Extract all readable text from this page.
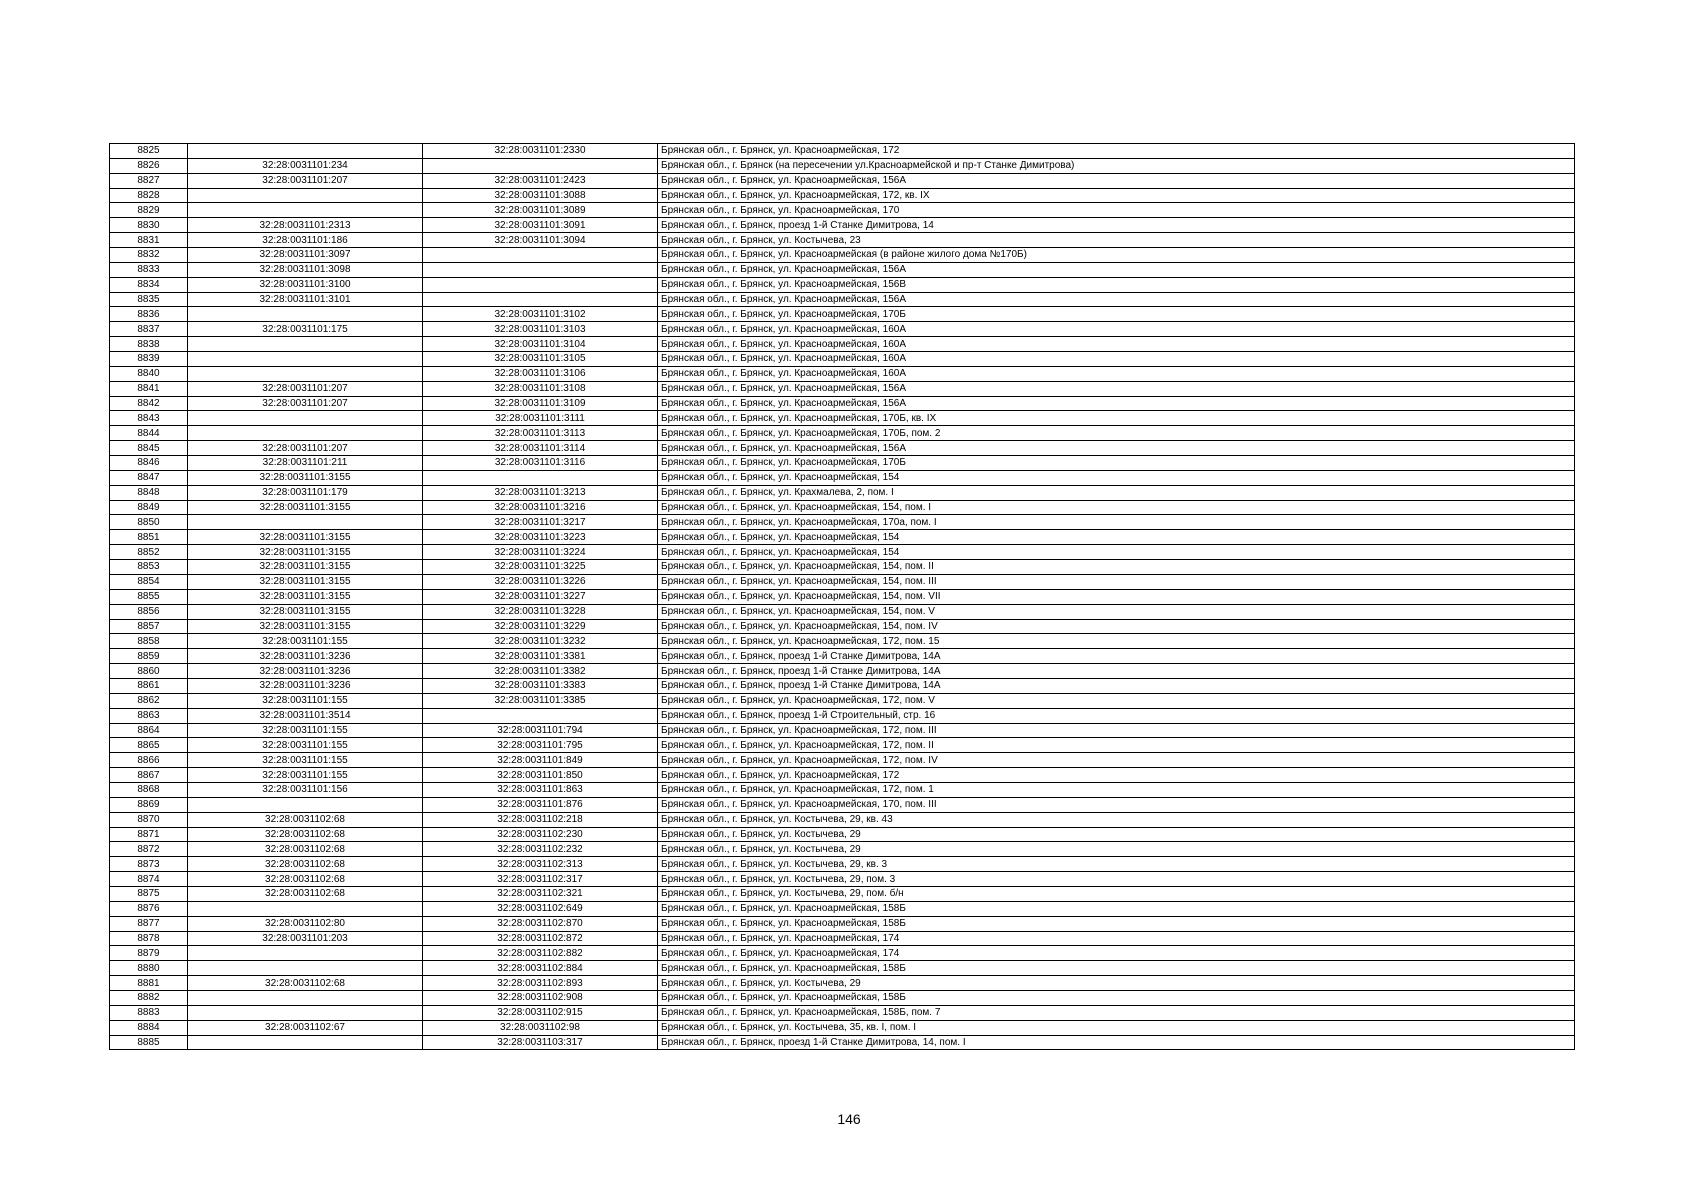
8825		32:28:0031101:2330	Брянская обл., г. Брянск, ул. Красноармейская, 172
8826	32:28:0031101:234		Брянская обл., г. Брянск (на пересечении ул.Красноармейской и пр-т Станке Димитрова)
8827	32:28:0031101:207	32:28:0031101:2423	Брянская обл., г. Брянск, ул. Красноармейская, 156А
8828		32:28:0031101:3088	Брянская обл., г. Брянск, ул. Красноармейская, 172, кв. IX
8829		32:28:0031101:3089	Брянская обл., г. Брянск, ул. Красноармейская, 170
8830	32:28:0031101:2313	32:28:0031101:3091	Брянская обл., г. Брянск, проезд 1-й Станке Димитрова, 14
8831	32:28:0031101:186	32:28:0031101:3094	Брянская обл., г. Брянск, ул. Костычева, 23
8832	32:28:0031101:3097		Брянская обл., г. Брянск, ул. Красноармейская (в районе жилого дома №170Б)
8833	32:28:0031101:3098		Брянская обл., г. Брянск, ул. Красноармейская, 156А
8834	32:28:0031101:3100		Брянская обл., г. Брянск, ул. Красноармейская, 156В
8835	32:28:0031101:3101		Брянская обл., г. Брянск, ул. Красноармейская, 156А
8836		32:28:0031101:3102	Брянская обл., г. Брянск, ул. Красноармейская, 170Б
8837	32:28:0031101:175	32:28:0031101:3103	Брянская обл., г. Брянск, ул. Красноармейская, 160А
8838		32:28:0031101:3104	Брянская обл., г. Брянск, ул. Красноармейская, 160А
8839		32:28:0031101:3105	Брянская обл., г. Брянск, ул. Красноармейская, 160А
8840		32:28:0031101:3106	Брянская обл., г. Брянск, ул. Красноармейская, 160А
8841	32:28:0031101:207	32:28:0031101:3108	Брянская обл., г. Брянск, ул. Красноармейская, 156А
8842	32:28:0031101:207	32:28:0031101:3109	Брянская обл., г. Брянск, ул. Красноармейская, 156А
8843		32:28:0031101:3111	Брянская обл., г. Брянск, ул. Красноармейская, 170Б, кв. IX
8844		32:28:0031101:3113	Брянская обл., г. Брянск, ул. Красноармейская, 170Б, пом. 2
8845	32:28:0031101:207	32:28:0031101:3114	Брянская обл., г. Брянск, ул. Красноармейская, 156А
8846	32:28:0031101:211	32:28:0031101:3116	Брянская обл., г. Брянск, ул. Красноармейская, 170Б
8847	32:28:0031101:3155		Брянская обл., г. Брянск, ул. Красноармейская, 154
8848	32:28:0031101:179	32:28:0031101:3213	Брянская обл., г. Брянск, ул. Крахмалева, 2, пом. I
8849	32:28:0031101:3155	32:28:0031101:3216	Брянская обл., г. Брянск, ул. Красноармейская, 154, пом. I
8850		32:28:0031101:3217	Брянская обл., г. Брянск, ул. Красноармейская, 170а, пом. I
8851	32:28:0031101:3155	32:28:0031101:3223	Брянская обл., г. Брянск, ул. Красноармейская, 154
8852	32:28:0031101:3155	32:28:0031101:3224	Брянская обл., г. Брянск, ул. Красноармейская, 154
8853	32:28:0031101:3155	32:28:0031101:3225	Брянская обл., г. Брянск, ул. Красноармейская, 154, пом. II
8854	32:28:0031101:3155	32:28:0031101:3226	Брянская обл., г. Брянск, ул. Красноармейская, 154, пом. III
8855	32:28:0031101:3155	32:28:0031101:3227	Брянская обл., г. Брянск, ул. Красноармейская, 154, пом. VII
8856	32:28:0031101:3155	32:28:0031101:3228	Брянская обл., г. Брянск, ул. Красноармейская, 154, пом. V
8857	32:28:0031101:3155	32:28:0031101:3229	Брянская обл., г. Брянск, ул. Красноармейская, 154, пом. IV
8858	32:28:0031101:155	32:28:0031101:3232	Брянская обл., г. Брянск, ул. Красноармейская, 172, пом. 15
8859	32:28:0031101:3236	32:28:0031101:3381	Брянская обл., г. Брянск, проезд 1-й Станке Димитрова, 14А
8860	32:28:0031101:3236	32:28:0031101:3382	Брянская обл., г. Брянск, проезд 1-й Станке Димитрова, 14А
8861	32:28:0031101:3236	32:28:0031101:3383	Брянская обл., г. Брянск, проезд 1-й Станке Димитрова, 14А
8862	32:28:0031101:155	32:28:0031101:3385	Брянская обл., г. Брянск, ул. Красноармейская, 172, пом. V
8863	32:28:0031101:3514		Брянская обл., г. Брянск, проезд 1-й Строительный, стр. 16
8864	32:28:0031101:155	32:28:0031101:794	Брянская обл., г. Брянск, ул. Красноармейская, 172, пом. III
8865	32:28:0031101:155	32:28:0031101:795	Брянская обл., г. Брянск, ул. Красноармейская, 172, пом. II
8866	32:28:0031101:155	32:28:0031101:849	Брянская обл., г. Брянск, ул. Красноармейская, 172, пом. IV
8867	32:28:0031101:155	32:28:0031101:850	Брянская обл., г. Брянск, ул. Красноармейская, 172
8868	32:28:0031101:156	32:28:0031101:863	Брянская обл., г. Брянск, ул. Красноармейская, 172, пом. 1
8869		32:28:0031101:876	Брянская обл., г. Брянск, ул. Красноармейская, 170, пом. III
8870	32:28:0031102:68	32:28:0031102:218	Брянская обл., г. Брянск, ул. Костычева, 29, кв. 43
8871	32:28:0031102:68	32:28:0031102:230	Брянская обл., г. Брянск, ул. Костычева, 29
8872	32:28:0031102:68	32:28:0031102:232	Брянская обл., г. Брянск, ул. Костычева, 29
8873	32:28:0031102:68	32:28:0031102:313	Брянская обл., г. Брянск, ул. Костычева, 29, кв. 3
8874	32:28:0031102:68	32:28:0031102:317	Брянская обл., г. Брянск, ул. Костычева, 29, пом. 3
8875	32:28:0031102:68	32:28:0031102:321	Брянская обл., г. Брянск, ул. Костычева, 29, пом. б/н
8876		32:28:0031102:649	Брянская обл., г. Брянск, ул. Красноармейская, 158Б
8877	32:28:0031102:80	32:28:0031102:870	Брянская обл., г. Брянск, ул. Красноармейская, 158Б
8878	32:28:0031101:203	32:28:0031102:872	Брянская обл., г. Брянск, ул. Красноармейская, 174
8879		32:28:0031102:882	Брянская обл., г. Брянск, ул. Красноармейская, 174
8880		32:28:0031102:884	Брянская обл., г. Брянск, ул. Красноармейская, 158Б
8881	32:28:0031102:68	32:28:0031102:893	Брянская обл., г. Брянск, ул. Костычева, 29
8882		32:28:0031102:908	Брянская обл., г. Брянск, ул. Красноармейская, 158Б
8883		32:28:0031102:915	Брянская обл., г. Брянск, ул. Красноармейская, 158Б, пом. 7
8884	32:28:0031102:67	32:28:0031102:98	Брянская обл., г. Брянск, ул. Костычева, 35, кв. I, пом. I
8885		32:28:0031103:317	Брянская обл., г. Брянск, проезд 1-й Станке Димитрова, 14, пом. I
146
